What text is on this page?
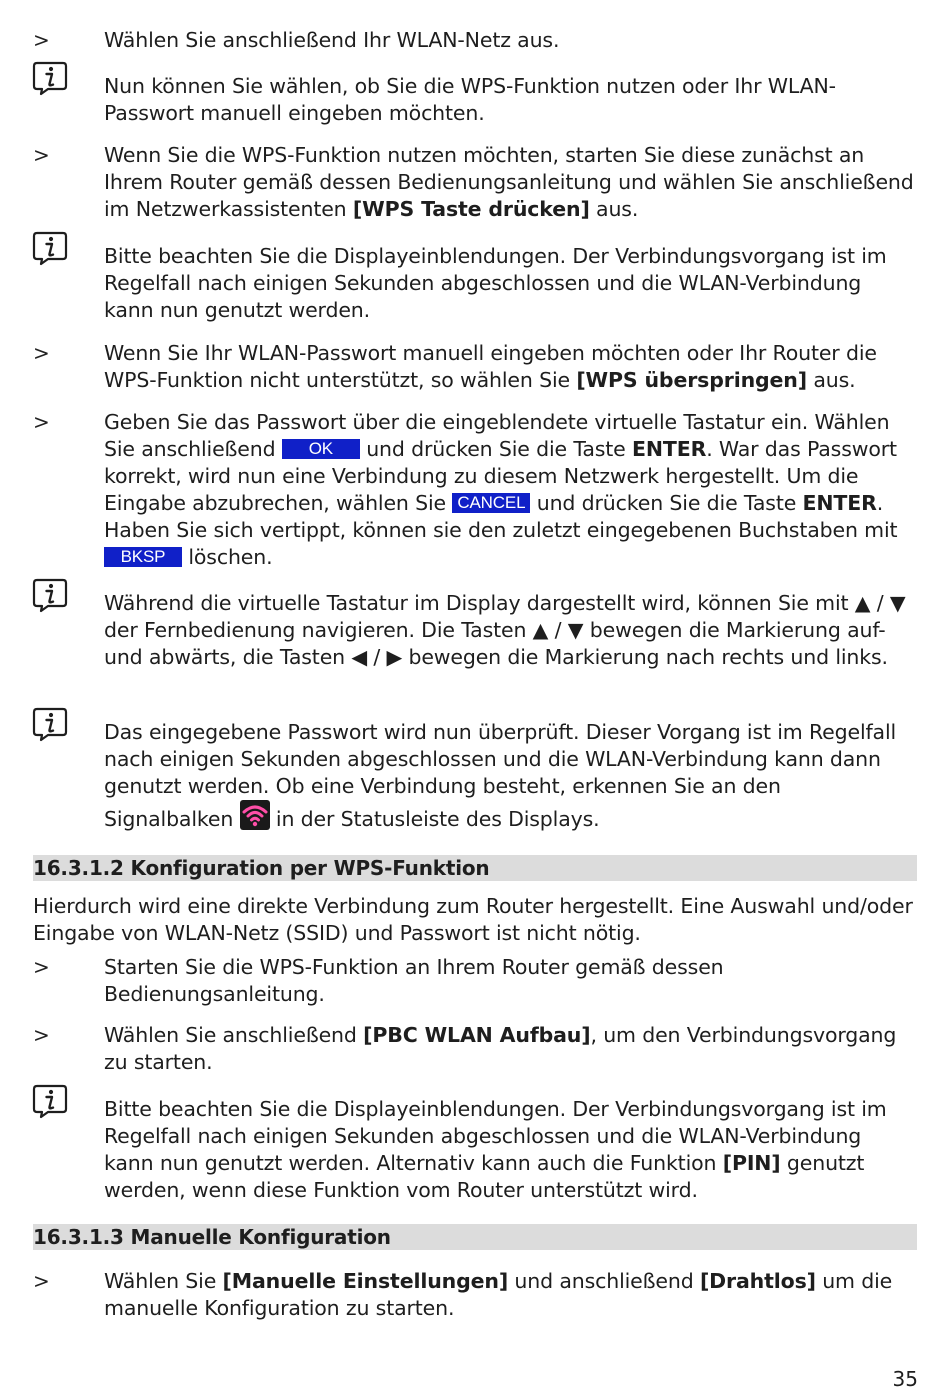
>	Wählen Sie anschließend Ihr WLAN-Netz aus.
Nun können Sie wählen, ob Sie die WPS-Funktion nutzen oder Ihr WLAN-Passwort manuell eingeben möchten.
>	Wenn Sie die WPS-Funktion nutzen möchten, starten Sie diese zunächst an Ihrem Router gemäß dessen Bedienungsanleitung und wählen Sie anschließend im Netzwerkassistenten [WPS Taste drücken] aus.
Bitte beachten Sie die Displayeinblendungen. Der Verbindungsvorgang ist im Regelfall nach einigen Sekunden abgeschlossen und die WLAN-Verbindung kann nun genutzt werden.
>	Wenn Sie Ihr WLAN-Passwort manuell eingeben möchten oder Ihr Router die WPS-Funktion nicht unterstützt, so wählen Sie [WPS überspringen] aus.
>	Geben Sie das Passwort über die eingeblendete virtuelle Tastatur ein. Wählen Sie anschließend OK und drücken Sie die Taste ENTER. War das Passwort korrekt, wird nun eine Verbindung zu diesem Netzwerk hergestellt. Um die Eingabe abzubrechen, wählen Sie CANCEL und drücken Sie die Taste ENTER. Haben Sie sich vertippt, können sie den zuletzt eingegebenen Buchstaben mit BKSP löschen.
Während die virtuelle Tastatur im Display dargestellt wird, können Sie mit ▲ / ▼ der Fernbedienung navigieren. Die Tasten ▲ / ▼ bewegen die Markierung auf- und abwärts, die Tasten ◀ / ▶ bewegen die Markierung nach rechts und links.
Das eingegebene Passwort wird nun überprüft. Dieser Vorgang ist im Regelfall nach einigen Sekunden abgeschlossen und die WLAN-Verbindung kann dann genutzt werden. Ob eine Verbindung besteht, erkennen Sie an den Signalbalken  in der Statusleiste des Displays.
16.3.1.2 Konfiguration per WPS-Funktion
Hierdurch wird eine direkte Verbindung zum Router hergestellt. Eine Auswahl und/oder Eingabe von WLAN-Netz (SSID) und Passwort ist nicht nötig.
>	Starten Sie die WPS-Funktion an Ihrem Router gemäß dessen Bedienungsanleitung.
>	Wählen Sie anschließend [PBC WLAN Aufbau], um den Verbindungsvorgang zu starten.
Bitte beachten Sie die Displayeinblendungen. Der Verbindungsvorgang ist im Regelfall nach einigen Sekunden abgeschlossen und die WLAN-Verbindung kann nun genutzt werden. Alternativ kann auch die Funktion [PIN] genutzt werden, wenn diese Funktion vom Router unterstützt wird.
16.3.1.3 Manuelle Konfiguration
>	Wählen Sie [Manuelle Einstellungen] und anschließend [Drahtlos] um die manuelle Konfiguration zu starten.
35
